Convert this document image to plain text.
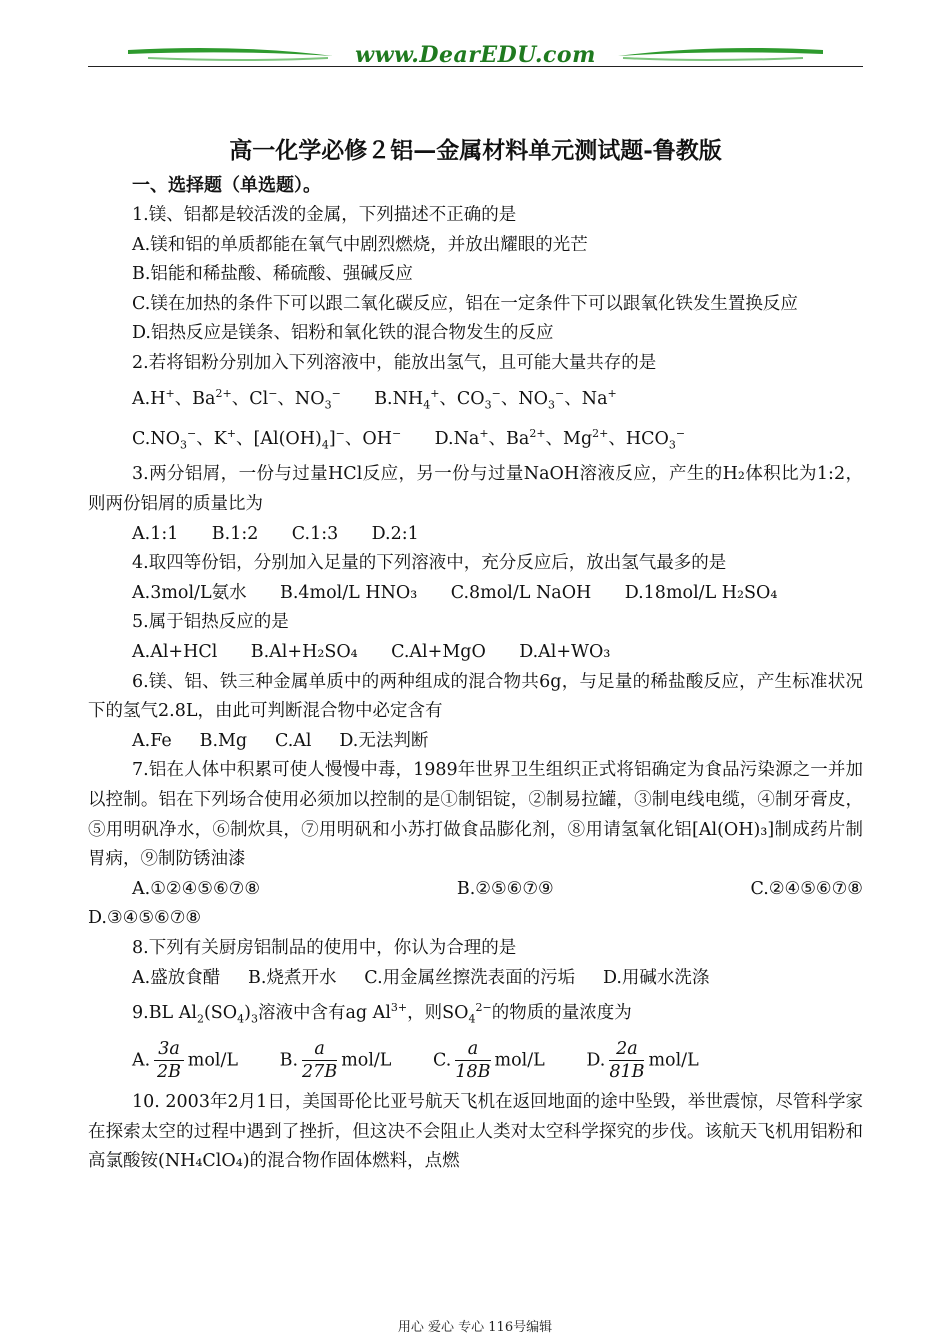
www.DearEDU.com

高一化学必修２铝—金属材料单元测试题-鲁教版

一、选择题（单选题）。

1.镁、铝都是较活泼的金属，下列描述不正确的是

A.镁和铝的单质都能在氧气中剧烈燃烧，并放出耀眼的光芒

B.铝能和稀盐酸、稀硫酸、强碱反应

C.镁在加热的条件下可以跟二氧化碳反应，铝在一定条件下可以跟氧化铁发生置换反应

D.铝热反应是镁条、铝粉和氧化铁的混合物发生的反应

2.若将铝粉分别加入下列溶液中，能放出氢气，且可能大量共存的是

A.H+、$Ba^{2+}$、Cl−、$NO_3^-$      $B.NH_4^+$、$CO_3^-$、$NO_3^-$、Na+

$C.NO_3^-$、K+、$[Al(OH)_4]^-$、OH−      D.Na+、$Ba^{2+}$、$Mg^{2+}$、$HCO_3^-$

3.两分铝屑，一份与过量HCl反应，另一份与过量NaOH溶液反应，产生的H₂体积比为1:2，则两份铝屑的质量比为

A.1:1 B.1:2 C.1:3 D.2:1

4.取四等份铝，分别加入足量的下列溶液中，充分反应后，放出氢气最多的是

A.3mol/L氨水 B.4mol/L HNO₃ C.8mol/L NaOH D.18mol/L H₂SO₄

5.属于铝热反应的是

A.Al+HCl B.Al+H₂SO₄ C.Al+MgO D.Al+WO₃

6.镁、铝、铁三种金属单质中的两种组成的混合物共6g，与足量的稀盐酸反应，产生标准状况下的氢气2.8L，由此可判断混合物中必定含有

A.Fe B.Mg C.Al D.无法判断

7.铝在人体中积累可使人慢慢中毒，1989年世界卫生组织正式将铝确定为食品污染源之一并加以控制。铝在下列场合使用必须加以控制的是①制铝锭，②制易拉罐，③制电线电缆，④制牙膏皮，⑤用明矾净水，⑥制炊具，⑦用明矾和小苏打做食品膨化剂，⑧用请氢氧化铝[Al(OH)₃]制成药片制胃病，⑨制防锈油漆

A.①②④⑤⑥⑦⑧	B.②⑤⑥⑦⑨	C.②④⑤⑥⑦⑧

D.③④⑤⑥⑦⑧

8.下列有关厨房铝制品的使用中，你认为合理的是

A.盛放食醋 B.烧煮开水 C.用金属丝擦洗表面的污垢 D.用碱水洗涤

9.BL $Al_2(SO_4)_3$溶液中含有ag $Al^{3+}$，则$SO_4^{2-}$的物质的量浓度为

A. $\frac{3a}{2B} mol/L$ B. $\frac{a}{27B} mol/L$ C. $\frac{a}{18B} mol/L$ D. $\frac{2a}{81B} mol/L$

10. 2003年2月1日，美国哥伦比亚号航天飞机在返回地面的途中坠毁，举世震惊，尽管科学家在探索太空的过程中遇到了挫折，但这决不会阻止人类对太空科学探究的步伐。该航天飞机用铝粉和高氯酸铵(NH₄ClO₄)的混合物作固体燃料，点燃

用心 爱心 专心 116号编辑
